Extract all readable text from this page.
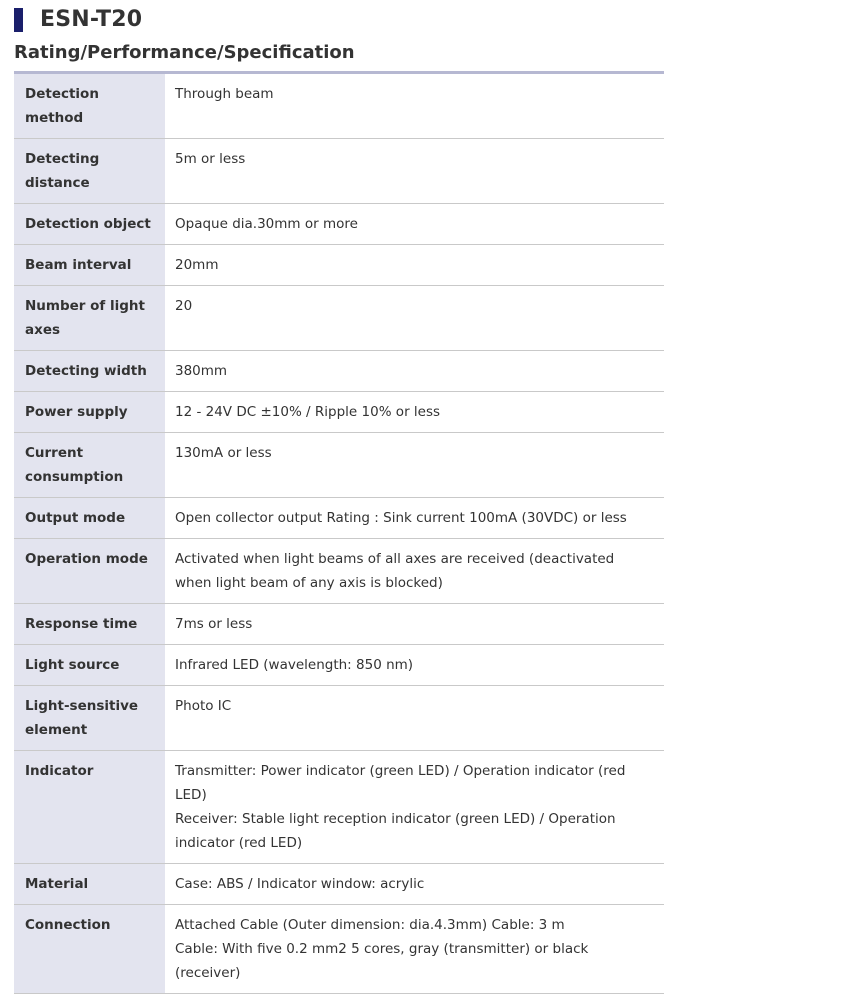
ESN-T20
Rating/Performance/Specification
Detection method	Through beam

Detecting distance	5m or less

Detection object	Opaque dia.30mm or more

Beam interval	20mm

Number of light axes	20

Detecting width	380mm

Power supply	12 - 24V DC ±10% / Ripple 10% or less

Current consumption	130mA or less

Output mode	Open collector output Rating : Sink current 100mA (30VDC) or less

Operation mode	Activated when light beams of all axes are received (deactivated when light beam of any axis is blocked)

Response time	7ms or less

Light source	Infrared LED (wavelength: 850 nm)

Light-sensitive element	Photo IC

Indicator	Transmitter: Power indicator (green LED) / Operation indicator (red LED)
Receiver: Stable light reception indicator (green LED) / Operation indicator (red LED)

Material	Case: ABS / Indicator window: acrylic

Connection	Attached Cable (Outer dimension: dia.4.3mm) Cable: 3 m
Cable: With five 0.2 mm2 5 cores, gray (transmitter) or black (receiver)
